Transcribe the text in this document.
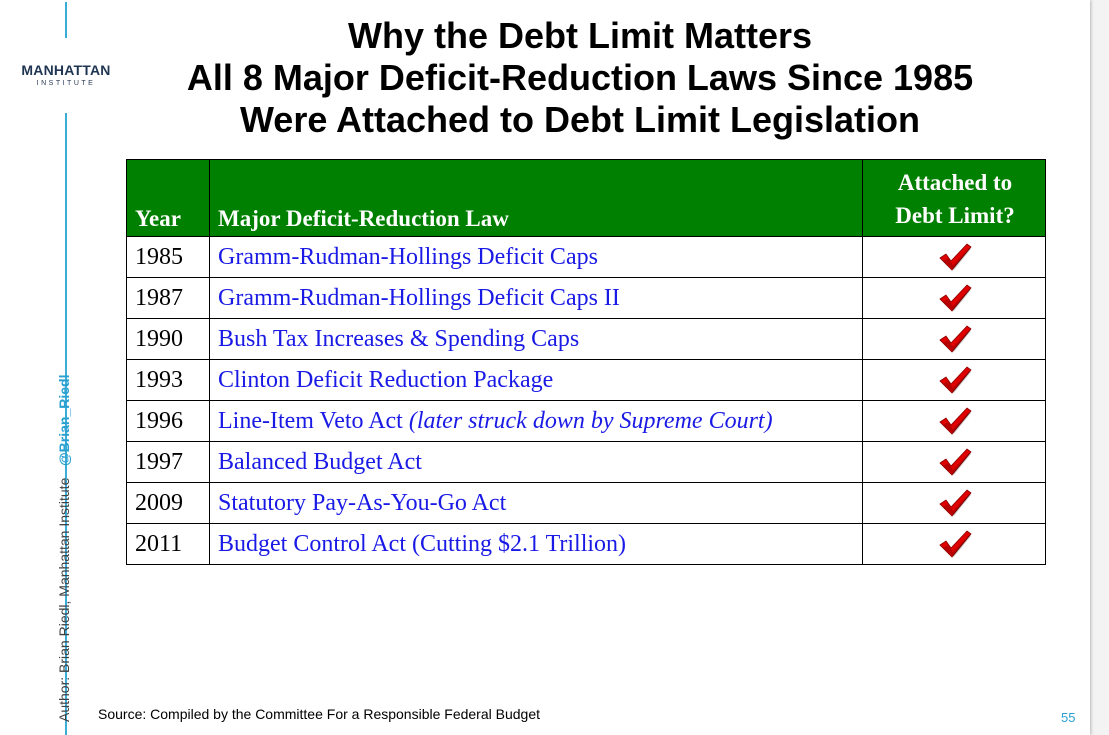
MANHATTAN
INSTITUTE
Author: Brian Riedl, Manhattan Institute   @Brian_Riedl
Why the Debt Limit Matters
All 8 Major Deficit-Reduction Laws Since 1985
Were Attached to Debt Limit Legislation
Year	Major Deficit-Reduction Law	Attached to
Debt Limit?
1985	Gramm-Rudman-Hollings Deficit Caps	
1987	Gramm-Rudman-Hollings Deficit Caps II	
1990	Bush Tax Increases & Spending Caps	
1993	Clinton Deficit Reduction Package	
1996	Line-Item Veto Act (later struck down by Supreme Court)	
1997	Balanced Budget Act	
2009	Statutory Pay-As-You-Go Act	
2011	Budget Control Act (Cutting $2.1 Trillion)	
Source: Compiled by the Committee For a Responsible Federal Budget	55
